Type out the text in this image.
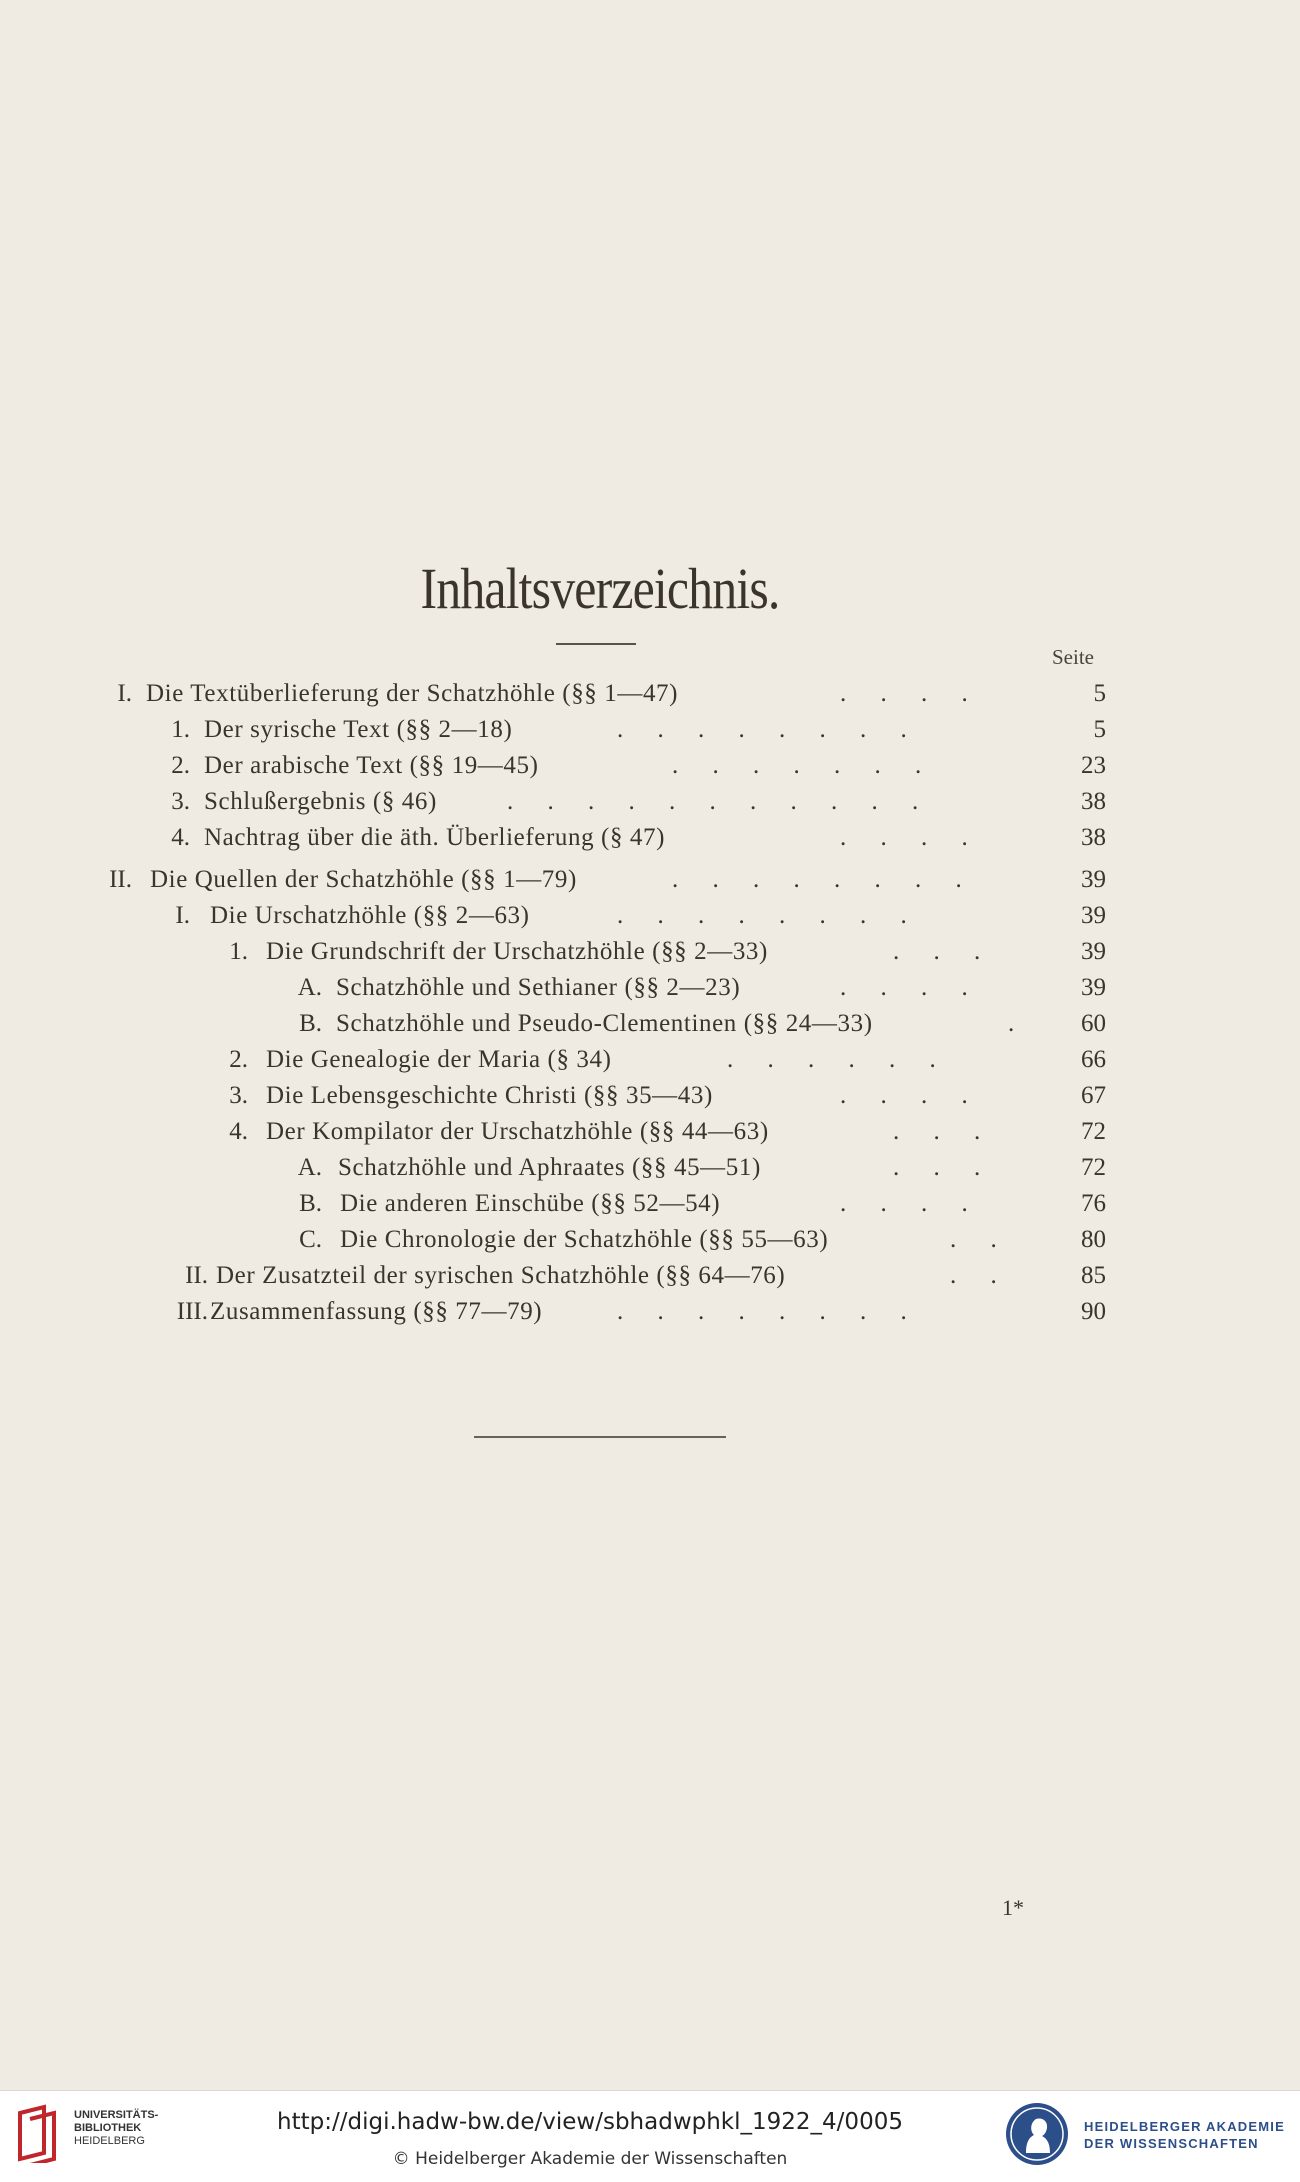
Inhaltsverzeichnis.
Seite
I. Die Textüberlieferung der Schatzhöhle (§§ 1—47)	. . . .	5
1. Der syrische Text (§§ 2—18)	. . . . . . . .	5
2. Der arabische Text (§§ 19—45)	. . . . . . .	23
3. Schlußergebnis (§ 46)	. . . . . . . . . . .	38
4. Nachtrag über die äth. Überlieferung (§ 47)	. . . .	38
II. Die Quellen der Schatzhöhle (§§ 1—79)	. . . . . . . .	39
I. Die Urschatzhöhle (§§ 2—63)	. . . . . . . .	39
1. Die Grundschrift der Urschatzhöhle (§§ 2—33)	. . .	39
A. Schatzhöhle und Sethianer (§§ 2—23)	. . . .	39
B. Schatzhöhle und Pseudo-Clementinen (§§ 24—33)	.	60
2. Die Genealogie der Maria (§ 34)	. . . . . .	66
3. Die Lebensgeschichte Christi (§§ 35—43)	. . . .	67
4. Der Kompilator der Urschatzhöhle (§§ 44—63)	. . .	72
A. Schatzhöhle und Aphraates (§§ 45—51)	. . .	72
B. Die anderen Einschübe (§§ 52—54)	. . . .	76
C. Die Chronologie der Schatzhöhle (§§ 55—63)	. .	80
II. Der Zusatzteil der syrischen Schatzhöhle (§§ 64—76)	. .	85
III. Zusammenfassung (§§ 77—79)	. . . . . . . .	90
1*
UNIVERSITÄTS-
BIBLIOTHEK
HEIDELBERG
http://digi.hadw-bw.de/view/sbhadwphkl_1922_4/0005
© Heidelberger Akademie der Wissenschaften
HEIDELBERGER AKADEMIE
DER WISSENSCHAFTEN
